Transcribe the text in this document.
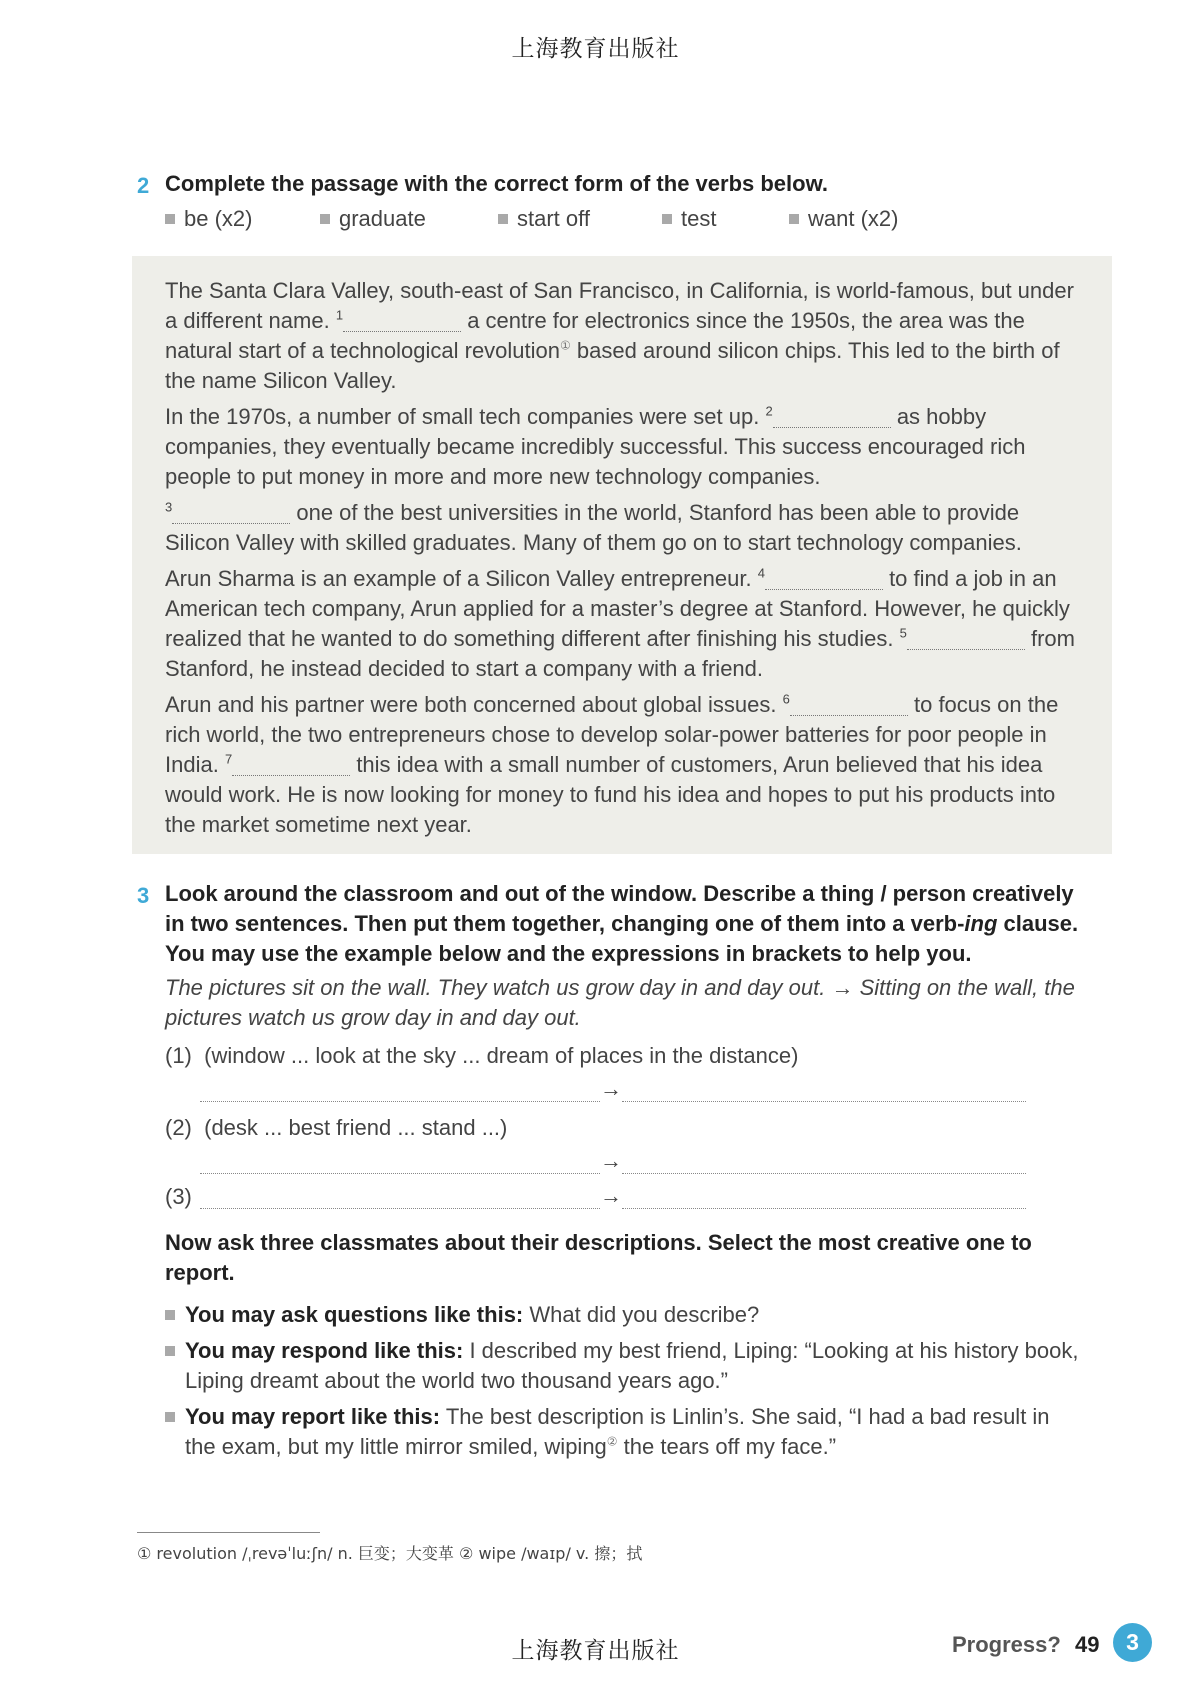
上海教育出版社
2 Complete the passage with the correct form of the verbs below.
be (x2)	graduate	start off	test	want (x2)
The Santa Clara Valley, south-east of San Francisco, in California, is world-famous, but under a different name. $^1$	a centre for electronics since the 1950s, the area was the natural start of a technological revolution① based around silicon chips. This led to the birth of the name Silicon Valley.
In the 1970s, a number of small tech companies were set up. $^2$	as hobby companies, they eventually became incredibly successful. This success encouraged rich people to put money in more and more new technology companies.
$^3$	one of the best universities in the world, Stanford has been able to provide Silicon Valley with skilled graduates. Many of them go on to start technology companies.
Arun Sharma is an example of a Silicon Valley entrepreneur. $^4$	to find a job in an American tech company, Arun applied for a master’s degree at Stanford. However, he quickly realized that he wanted to do something different after finishing his studies. $^5$	from Stanford, he instead decided to start a company with a friend.
Arun and his partner were both concerned about global issues. $^6$	to focus on the rich world, the two entrepreneurs chose to develop solar-power batteries for poor people in India. $^7$	this idea with a small number of customers, Arun believed that his idea would work. He is now looking for money to fund his idea and hopes to put his products into the market sometime next year.
3 Look around the classroom and out of the window. Describe a thing / person creatively in two sentences. Then put them together, changing one of them into a verb-ing clause. You may use the example below and the expressions in brackets to help you.
The pictures sit on the wall. They watch us grow day in and day out. → Sitting on the wall, the pictures watch us grow day in and day out.
(1) (window ... look at the sky ... dream of places in the distance)
→
(2) (desk ... best friend ... stand ...)
→
(3)	→
Now ask three classmates about their descriptions. Select the most creative one to report.
You may ask questions like this: What did you describe?
You may respond like this: I described my best friend, Liping: “Looking at his history book, Liping dreamt about the world two thousand years ago.”
You may report like this: The best description is Linlin’s. She said, “I had a bad result in the exam, but my little mirror smiled, wiping② the tears off my face.”
① revolution /ˌrevəˈluːʃn/ n. 巨变；大变革 ② wipe /waɪp/ v. 擦；拭
上海教育出版社	Progress? 49	3
